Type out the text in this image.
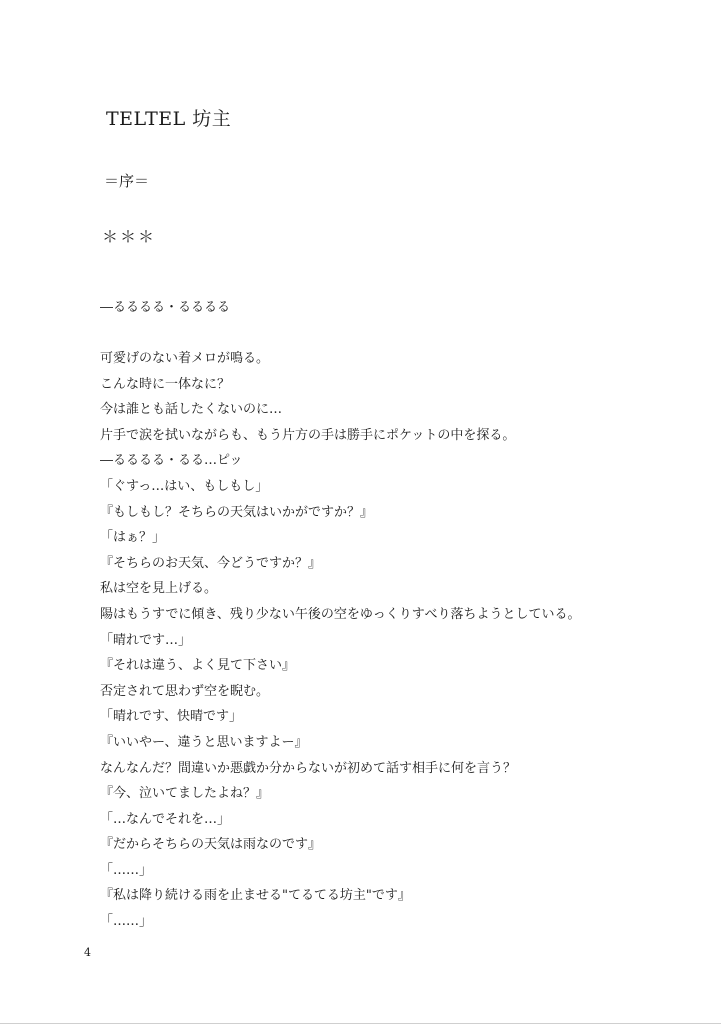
TELTEL 坊主
＝序＝
＊＊＊
―るるるる・るるるる
可愛げのない着メロが鳴る。
こんな時に一体なに？
今は誰とも話したくないのに…
片手で涙を拭いながらも、もう片方の手は勝手にポケットの中を探る。
―るるるる・るる…ピッ
「ぐすっ…はい、もしもし」
『もしもし？そちらの天気はいかがですか？』
「はぁ？」
『そちらのお天気、今どうですか？』
私は空を見上げる。
陽はもうすでに傾き、残り少ない午後の空をゆっくりすべり落ちようとしている。
「晴れです…」
『それは違う、よく見て下さい』
否定されて思わず空を睨む。
「晴れです、快晴です」
『いいやー、違うと思いますよー』
なんなんだ？間違いか悪戯か分からないが初めて話す相手に何を言う？
『今、泣いてましたよね？』
「…なんでそれを…」
『だからそちらの天気は雨なのです』
「……」
『私は降り続ける雨を止ませる"てるてる坊主"です』
「……」
4
